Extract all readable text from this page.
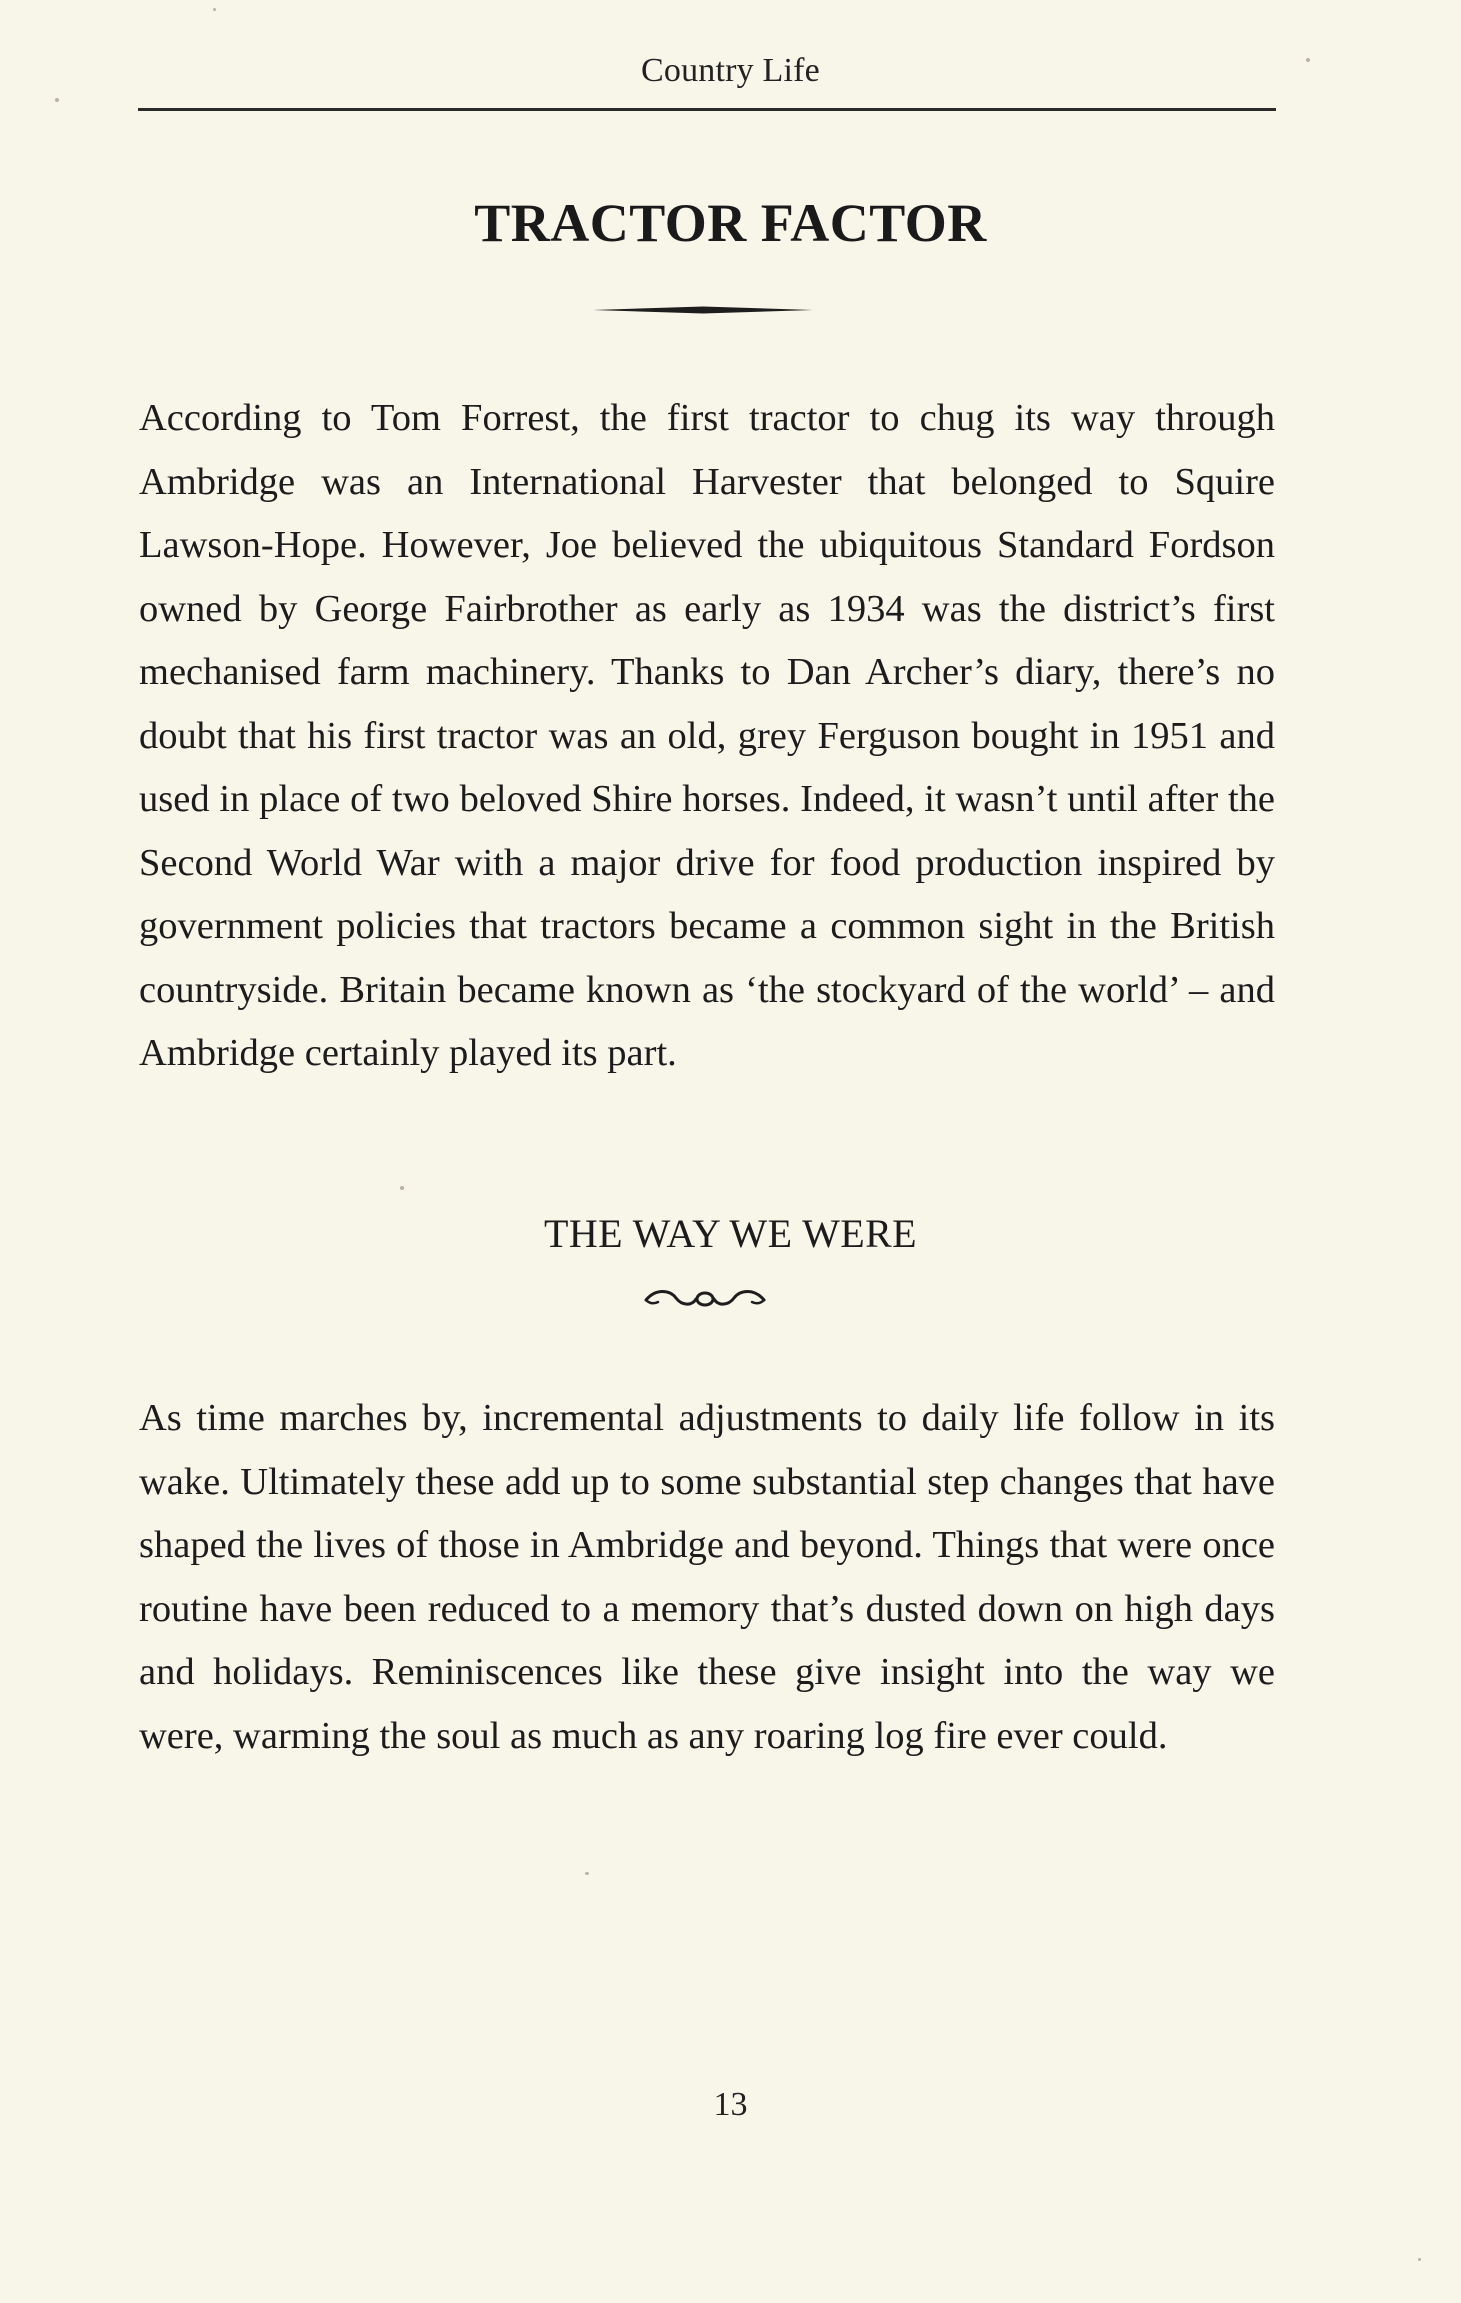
Country Life
TRACTOR FACTOR

According to Tom Forrest, the first tractor to chug its way through Ambridge was an International Harvester that belonged to Squire Lawson-Hope. However, Joe believed the ubiquitous Standard Fordson owned by George Fairbrother as early as 1934 was the district’s first mechanised farm machinery. Thanks to Dan Archer’s diary, there’s no doubt that his first tractor was an old, grey Ferguson bought in 1951 and used in place of two beloved Shire horses. Indeed, it wasn’t until after the Second World War with a major drive for food production inspired by government policies that tractors became a common sight in the British countryside. Britain became known as ‘the stockyard of the world’ – and Ambridge certainly played its part.

THE WAY WE WERE

As time marches by, incremental adjustments to daily life follow in its wake. Ultimately these add up to some substantial step changes that have shaped the lives of those in Ambridge and beyond. Things that were once routine have been reduced to a memory that’s dusted down on high days and holidays. Reminiscences like these give insight into the way we were, warming the soul as much as any roaring log fire ever could.

13
